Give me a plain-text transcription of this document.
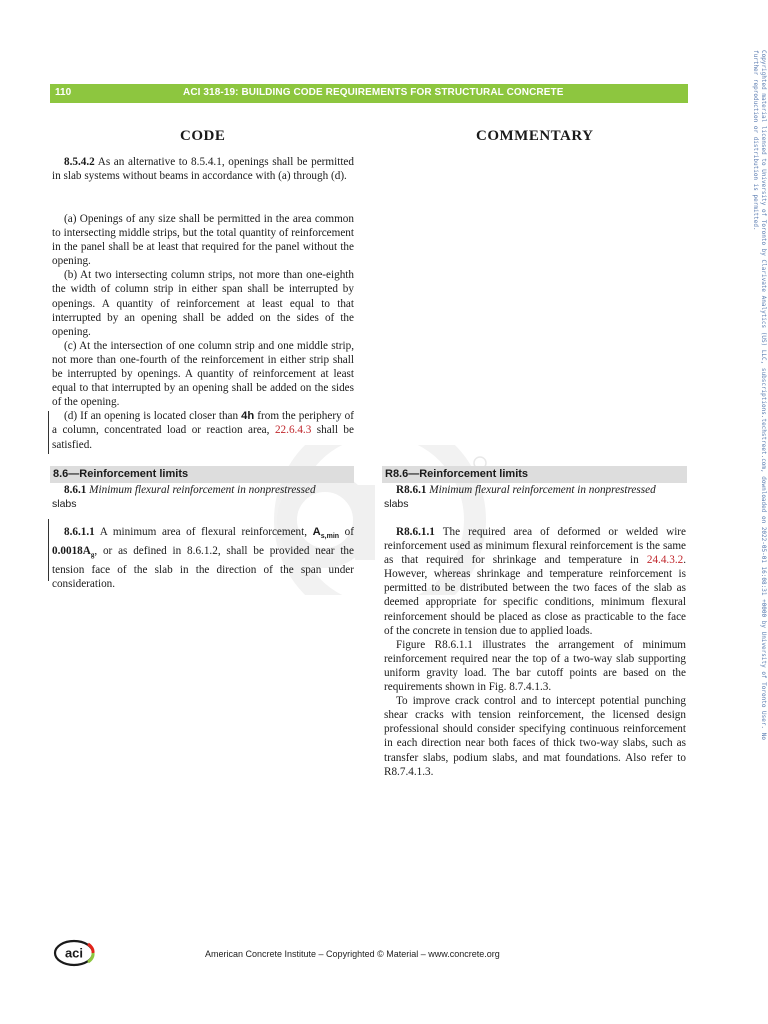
110	ACI 318-19: BUILDING CODE REQUIREMENTS FOR STRUCTURAL CONCRETE	Copyrighted material licensed to University of Toronto by Clarivate Analytics (US) LLC, subscriptions.techstreet.com, downloaded on 2022-05-01 16:08:31 +0000 by University of Toronto User. No further reproduction or distribution is permitted.
CODE	COMMENTARY

8.5.4.2 As an alternative to 8.5.4.1, openings shall be permitted in slab systems without beams in accordance with (a) through (d).

(a) Openings of any size shall be permitted in the area common to intersecting middle strips, but the total quantity of reinforcement in the panel shall be at least that required for the panel without the opening.

(b) At two intersecting column strips, not more than one-eighth the width of column strip in either span shall be interrupted by openings. A quantity of reinforcement at least equal to that interrupted by an opening shall be added on the sides of the opening.

(c) At the intersection of one column strip and one middle strip, not more than one-fourth of the reinforcement in either strip shall be interrupted by openings. A quantity of reinforcement at least equal to that interrupted by an opening shall be added on the sides of the opening.

(d) If an opening is located closer than 4h from the periphery of a column, concentrated load or reaction area, 22.6.4.3 shall be satisfied.

8.6—Reinforcement limits	R8.6—Reinforcement limits
8.6.1 Minimum flexural reinforcement in nonprestressed
slabs
R8.6.1 Minimum flexural reinforcement in nonprestressed
slabs

8.6.1.1 A minimum area of flexural reinforcement, $A_{s,min}$ of $0.0018A_g$, or as defined in 8.6.1.2, shall be provided near the tension face of the slab in the direction of the span under consideration.

R8.6.1.1 The required area of deformed or welded wire reinforcement used as minimum flexural reinforcement is the same as that required for shrinkage and temperature in 24.4.3.2. However, whereas shrinkage and temperature reinforcement is permitted to be distributed between the two faces of the slab as deemed appropriate for specific conditions, minimum flexural reinforcement should be placed as close as practicable to the face of the concrete in tension due to applied loads.

Figure R8.6.1.1 illustrates the arrangement of minimum reinforcement required near the top of a two-way slab supporting uniform gravity load. The bar cutoff points are based on the requirements shown in Fig. 8.7.4.1.3.

To improve crack control and to intercept potential punching shear cracks with tension reinforcement, the licensed design professional should consider specifying continuous reinforcement in each direction near both faces of thick two-way slabs, such as transfer slabs, podium slabs, and mat foundations. Also refer to R8.7.4.1.3.

aci	American Concrete Institute – Copyrighted © Material – www.concrete.org
